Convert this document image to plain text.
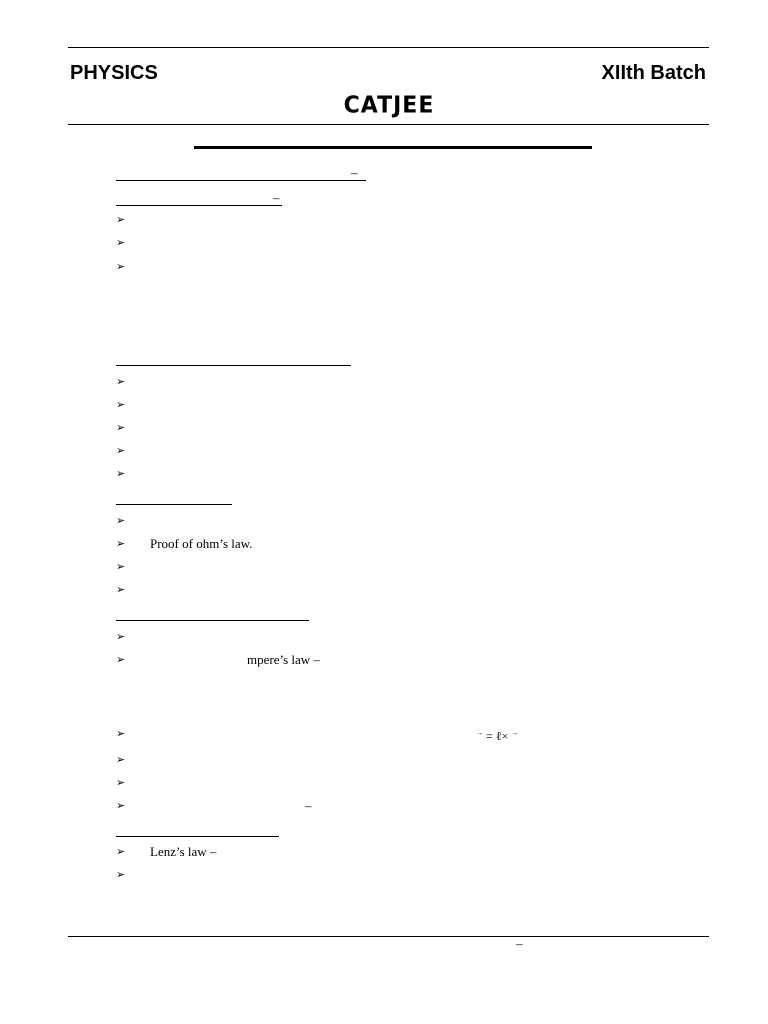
PHYSICS	XIIth Batch
CATJEE
–
–
➢
➢
➢
➢
➢
➢
➢
➢
➢
➢ Proof of ohm’s law.
➢
➢
➢
➢	mpere’s law –
➢	→ = ℓ× →
➢
➢
➢	–
➢ Lenz’s law –
➢
–
